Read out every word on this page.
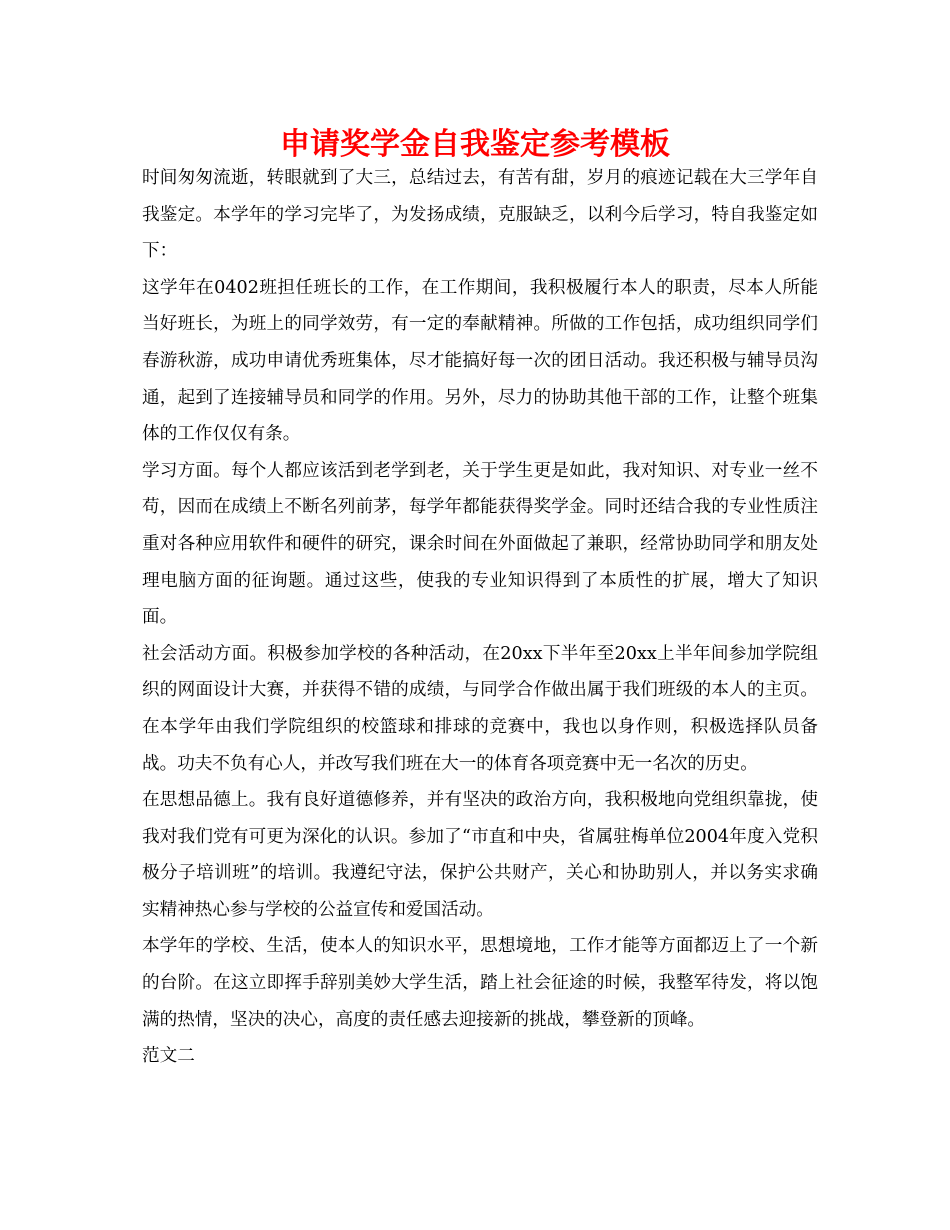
申请奖学金自我鉴定参考模板

时间匆匆流逝，转眼就到了大三，总结过去，有苦有甜，岁月的痕迹记载在大三学年自我鉴定。本学年的学习完毕了，为发扬成绩，克服缺乏，以利今后学习，特自我鉴定如下：

这学年在0402班担任班长的工作，在工作期间，我积极履行本人的职责，尽本人所能当好班长，为班上的同学效劳，有一定的奉献精神。所做的工作包括，成功组织同学们春游秋游，成功申请优秀班集体，尽才能搞好每一次的团日活动。我还积极与辅导员沟通，起到了连接辅导员和同学的作用。另外，尽力的协助其他干部的工作，让整个班集体的工作仅仅有条。

学习方面。每个人都应该活到老学到老，关于学生更是如此，我对知识、对专业一丝不苟，因而在成绩上不断名列前茅，每学年都能获得奖学金。同时还结合我的专业性质注重对各种应用软件和硬件的研究，课余时间在外面做起了兼职，经常协助同学和朋友处理电脑方面的征询题。通过这些，使我的专业知识得到了本质性的扩展，增大了知识面。

社会活动方面。积极参加学校的各种活动，在20xx下半年至20xx上半年间参加学院组织的网面设计大赛，并获得不错的成绩，与同学合作做出属于我们班级的本人的主页。在本学年由我们学院组织的校篮球和排球的竞赛中，我也以身作则，积极选择队员备战。功夫不负有心人，并改写我们班在大一的体育各项竞赛中无一名次的历史。

在思想品德上。我有良好道德修养，并有坚决的政治方向，我积极地向党组织靠拢，使我对我们党有可更为深化的认识。参加了“市直和中央，省属驻梅单位2004年度入党积极分子培训班”的培训。我遵纪守法，保护公共财产，关心和协助别人，并以务实求确实精神热心参与学校的公益宣传和爱国活动。

本学年的学校、生活，使本人的知识水平，思想境地，工作才能等方面都迈上了一个新的台阶。在这立即挥手辞别美妙大学生活，踏上社会征途的时候，我整军待发，将以饱满的热情，坚决的决心，高度的责任感去迎接新的挑战，攀登新的顶峰。

范文二
